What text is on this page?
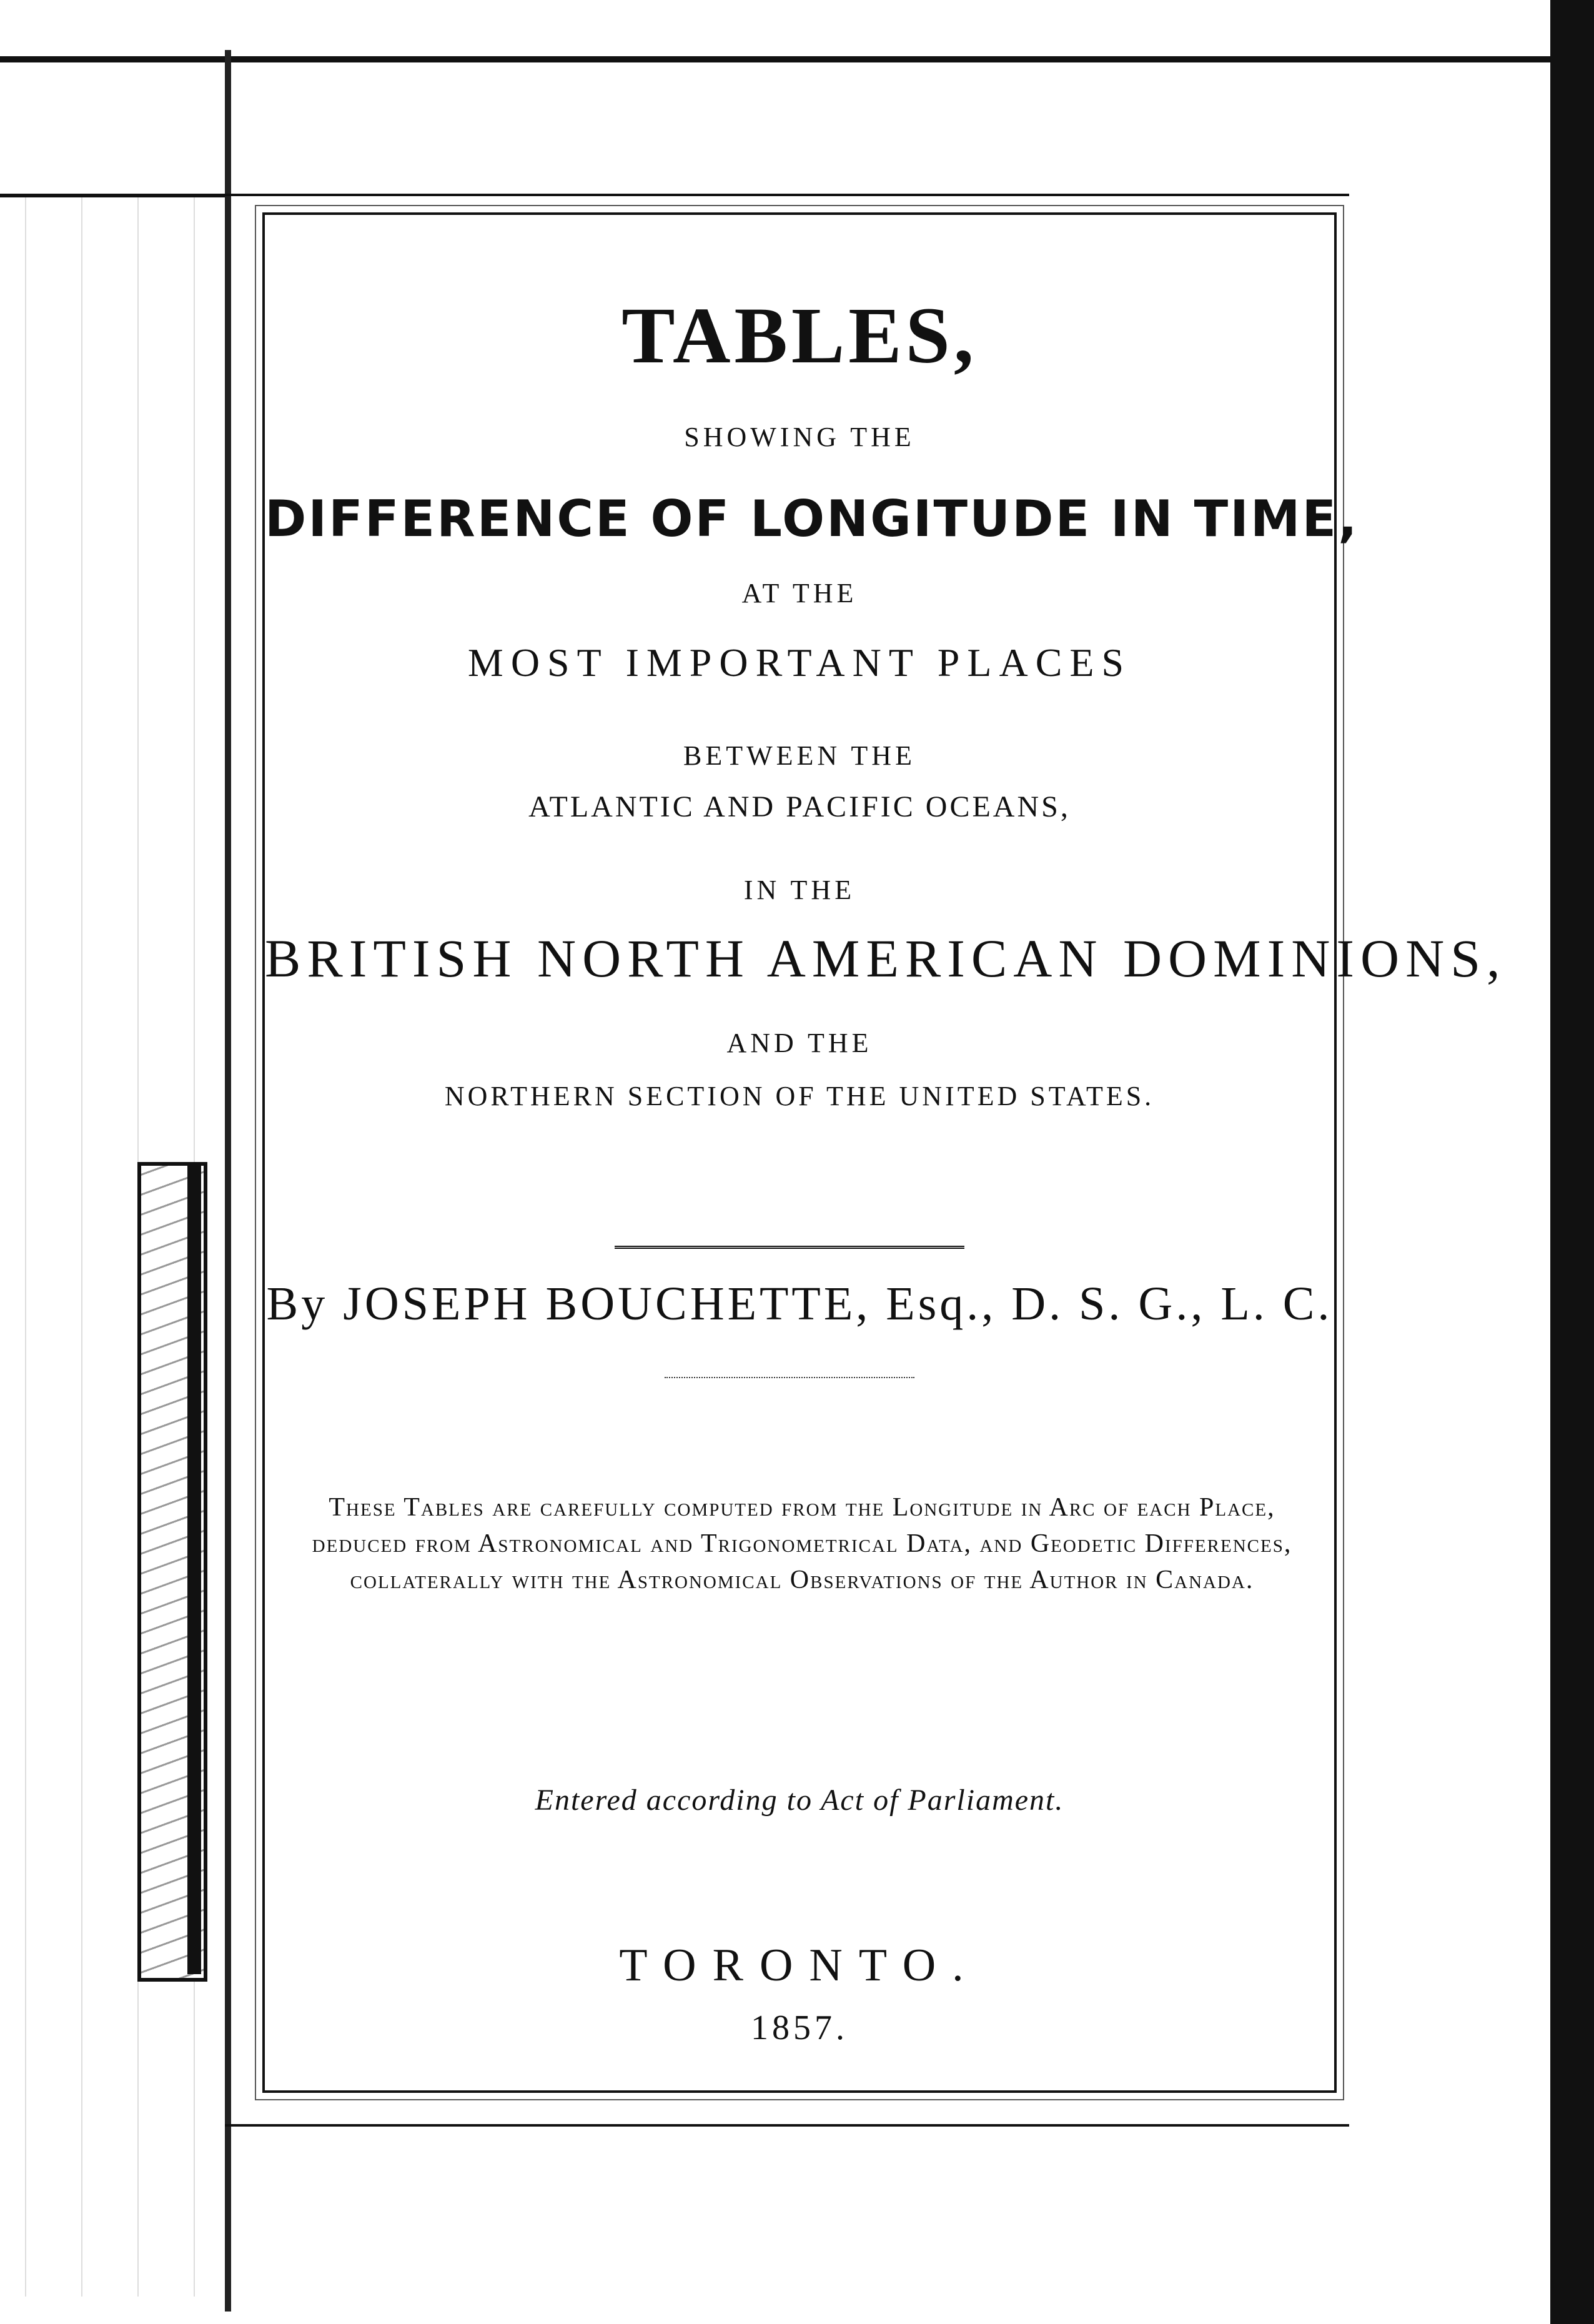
TABLES,
SHOWING THE
DIFFERENCE OF LONGITUDE IN TIME,
AT THE
MOST IMPORTANT PLACES
BETWEEN THE
ATLANTIC AND PACIFIC OCEANS,
IN THE
BRITISH NORTH AMERICAN DOMINIONS,
AND THE
NORTHERN SECTION OF THE UNITED STATES.
By JOSEPH BOUCHETTE, Esq., D. S. G., L. C.
These Tables are carefully computed from the Longitude in Arc of each Place, deduced from Astronomical and Trigonometrical Data, and Geodetic Differences, collaterally with the Astronomical Observations of the Author in Canada.
Entered according to Act of Parliament.
TORONTO.
1857.
